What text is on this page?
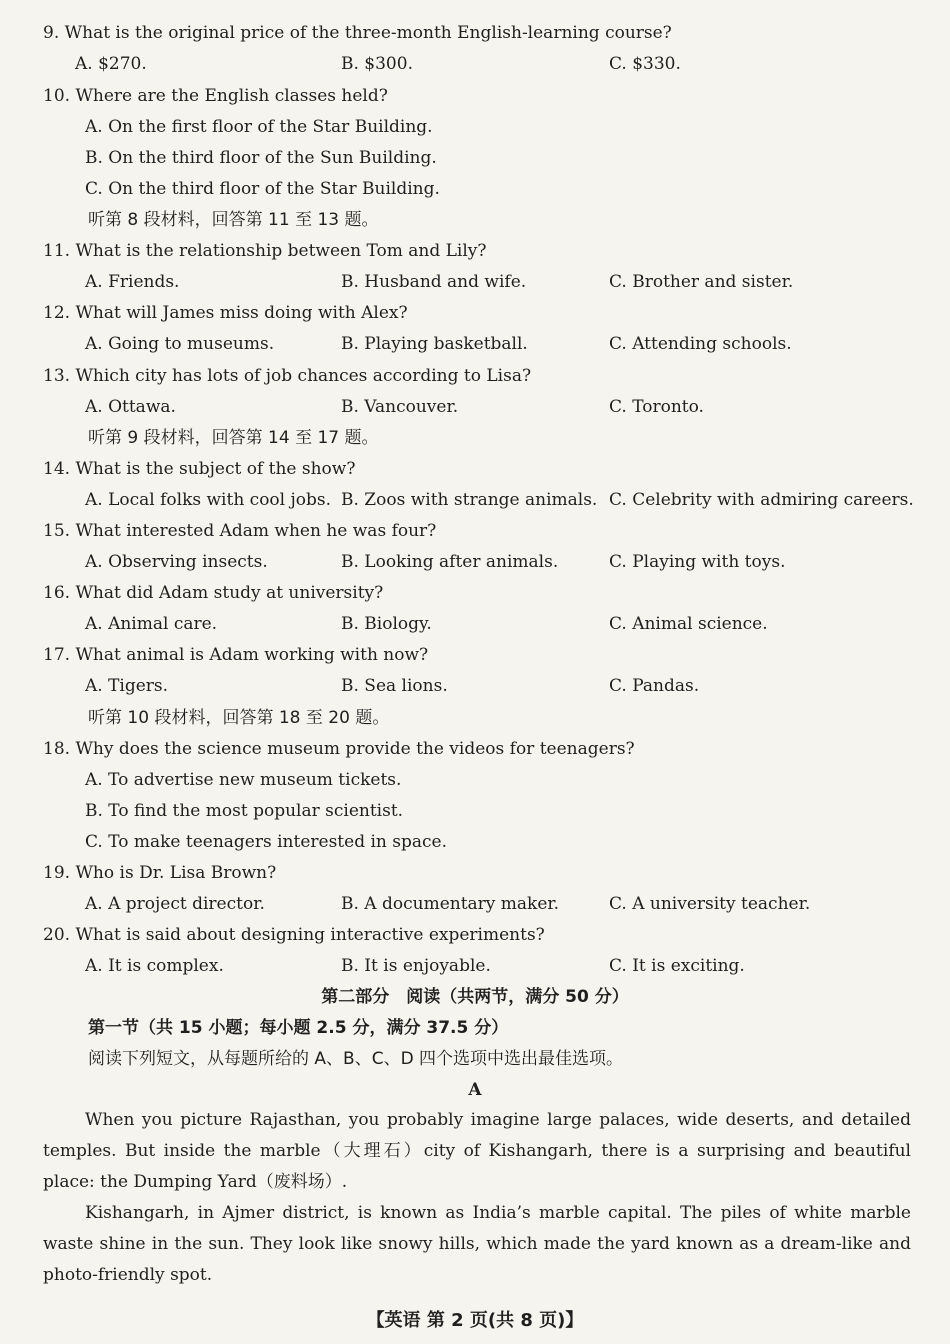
9. What is the original price of the three-month English-learning course?
A. $270.	B. $300.	C. $330.
10. Where are the English classes held?
A. On the first floor of the Star Building.
B. On the third floor of the Sun Building.
C. On the third floor of the Star Building.
听第 8 段材料，回答第 11 至 13 题。
11. What is the relationship between Tom and Lily?
A. Friends.	B. Husband and wife.	C. Brother and sister.
12. What will James miss doing with Alex?
A. Going to museums.	B. Playing basketball.	C. Attending schools.
13. Which city has lots of job chances according to Lisa?
A. Ottawa.	B. Vancouver.	C. Toronto.
听第 9 段材料，回答第 14 至 17 题。
14. What is the subject of the show?
A. Local folks with cool jobs. B. Zoos with strange animals. C. Celebrity with admiring careers.
15. What interested Adam when he was four?
A. Observing insects.	B. Looking after animals.	C. Playing with toys.
16. What did Adam study at university?
A. Animal care.	B. Biology.	C. Animal science.
17. What animal is Adam working with now?
A. Tigers.	B. Sea lions.	C. Pandas.
听第 10 段材料，回答第 18 至 20 题。
18. Why does the science museum provide the videos for teenagers?
A. To advertise new museum tickets.
B. To find the most popular scientist.
C. To make teenagers interested in space.
19. Who is Dr. Lisa Brown?
A. A project director.	B. A documentary maker.	C. A university teacher.
20. What is said about designing interactive experiments?
A. It is complex.	B. It is enjoyable.	C. It is exciting.
第二部分　阅读（共两节，满分 50 分）
第一节（共 15 小题；每小题 2.5 分，满分 37.5 分）
阅读下列短文，从每题所给的 A、B、C、D 四个选项中选出最佳选项。
A
When you picture Rajasthan, you probably imagine large palaces, wide deserts, and detailed temples. But inside the marble（大理石）city of Kishangarh, there is a surprising and beautiful place: the Dumping Yard（废料场）.
Kishangarh, in Ajmer district, is known as India’s marble capital. The piles of white marble waste shine in the sun. They look like snowy hills, which made the yard known as a dream-like and photo-friendly spot.
【英语 第 2 页(共 8 页)】
